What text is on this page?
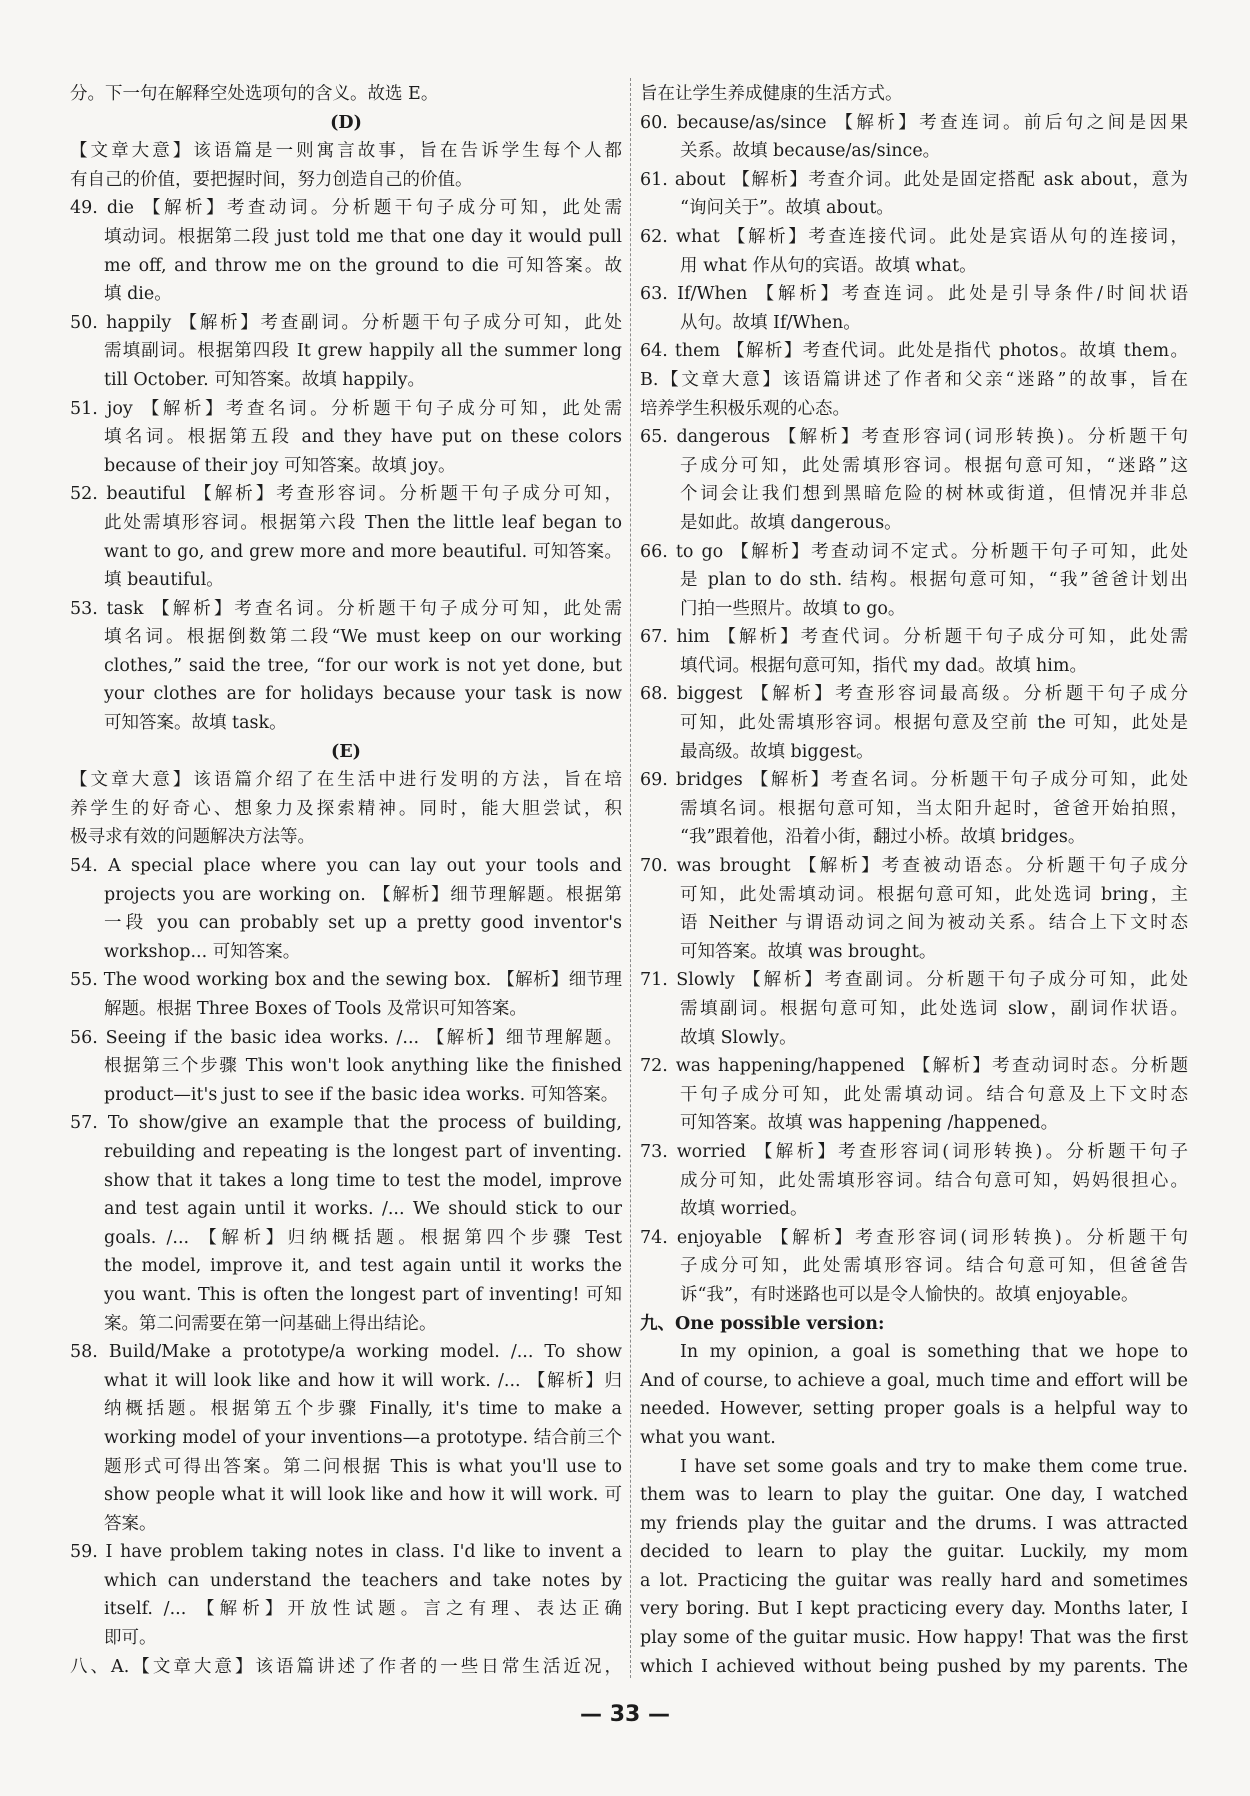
分。下一句在解释空处选项句的含义。故选 E。
(D)
【文章大意】该语篇是一则寓言故事，旨在告诉学生每个人都
有自己的价值，要把握时间，努力创造自己的价值。
49. die 【解析】考查动词。分析题干句子成分可知，此处需
填动词。根据第二段 just told me that one day it would pull
me off, and throw me on the ground to die 可知答案。故
填 die。
50. happily 【解析】考查副词。分析题干句子成分可知，此处
需填副词。根据第四段 It grew happily all the summer long
till October. 可知答案。故填 happily。
51. joy 【解析】考查名词。分析题干句子成分可知，此处需
填名词。根据第五段 and they have put on these colors
because of their joy 可知答案。故填 joy。
52. beautiful 【解析】考查形容词。分析题干句子成分可知，
此处需填形容词。根据第六段 Then the little leaf began to
want to go, and grew more and more beautiful. 可知答案。
填 beautiful。
53. task 【解析】考查名词。分析题干句子成分可知，此处需
填名词。根据倒数第二段“We must keep on our working
clothes,” said the tree, “for our work is not yet done, but
your clothes are for holidays because your task is now
可知答案。故填 task。
(E)
【文章大意】该语篇介绍了在生活中进行发明的方法，旨在培
养学生的好奇心、想象力及探索精神。同时，能大胆尝试，积
极寻求有效的问题解决方法等。
54. A special place where you can lay out your tools and
projects you are working on. 【解析】细节理解题。根据第
一段 you can probably set up a pretty good inventor's
workshop... 可知答案。
55. The wood working box and the sewing box. 【解析】细节理
解题。根据 Three Boxes of Tools 及常识可知答案。
56. Seeing if the basic idea works. /... 【解析】细节理解题。
根据第三个步骤 This won't look anything like the finished
product—it's just to see if the basic idea works. 可知答案。
57. To show/give an example that the process of building,
rebuilding and repeating is the longest part of inventing.
show that it takes a long time to test the model, improve
and test again until it works. /... We should stick to our
goals. /... 【解析】归纳概括题。根据第四个步骤 Test
the model, improve it, and test again until it works the
you want. This is often the longest part of inventing! 可知
案。第二问需要在第一问基础上得出结论。
58. Build/Make a prototype/a working model. /... To show
what it will look like and how it will work. /... 【解析】归
纳概括题。根据第五个步骤 Finally, it's time to make a
working model of your inventions—a prototype. 结合前三个
题形式可得出答案。第二问根据 This is what you'll use to
show people what it will look like and how it will work. 可
答案。
59. I have problem taking notes in class. I'd like to invent a
which can understand the teachers and take notes by
itself. /... 【解析】开放性试题。言之有理、表达正确
即可。
八、A.【文章大意】该语篇讲述了作者的一些日常生活近况，
旨在让学生养成健康的生活方式。
60. because/as/since 【解析】考查连词。前后句之间是因果
关系。故填 because/as/since。
61. about 【解析】考查介词。此处是固定搭配 ask about，意为
“询问关于”。故填 about。
62. what 【解析】考查连接代词。此处是宾语从句的连接词，
用 what 作从句的宾语。故填 what。
63. If/When 【解析】考查连词。此处是引导条件/时间状语
从句。故填 If/When。
64. them 【解析】考查代词。此处是指代 photos。故填 them。
B.【文章大意】该语篇讲述了作者和父亲“迷路”的故事，旨在
培养学生积极乐观的心态。
65. dangerous 【解析】考查形容词(词形转换)。分析题干句
子成分可知，此处需填形容词。根据句意可知，“迷路”这
个词会让我们想到黑暗危险的树林或街道，但情况并非总
是如此。故填 dangerous。
66. to go 【解析】考查动词不定式。分析题干句子可知，此处
是 plan to do sth. 结构。根据句意可知，“我”爸爸计划出
门拍一些照片。故填 to go。
67. him 【解析】考查代词。分析题干句子成分可知，此处需
填代词。根据句意可知，指代 my dad。故填 him。
68. biggest 【解析】考查形容词最高级。分析题干句子成分
可知，此处需填形容词。根据句意及空前 the 可知，此处是
最高级。故填 biggest。
69. bridges 【解析】考查名词。分析题干句子成分可知，此处
需填名词。根据句意可知，当太阳升起时，爸爸开始拍照，
“我”跟着他，沿着小街，翻过小桥。故填 bridges。
70. was brought 【解析】考查被动语态。分析题干句子成分
可知，此处需填动词。根据句意可知，此处选词 bring，主
语 Neither 与谓语动词之间为被动关系。结合上下文时态
可知答案。故填 was brought。
71. Slowly 【解析】考查副词。分析题干句子成分可知，此处
需填副词。根据句意可知，此处选词 slow，副词作状语。
故填 Slowly。
72. was happening/happened 【解析】考查动词时态。分析题
干句子成分可知，此处需填动词。结合句意及上下文时态
可知答案。故填 was happening /happened。
73. worried 【解析】考查形容词(词形转换)。分析题干句子
成分可知，此处需填形容词。结合句意可知，妈妈很担心。
故填 worried。
74. enjoyable 【解析】考查形容词(词形转换)。分析题干句
子成分可知，此处需填形容词。结合句意可知，但爸爸告
诉“我”，有时迷路也可以是令人愉快的。故填 enjoyable。
九、One possible version:
In my opinion, a goal is something that we hope to
And of course, to achieve a goal, much time and effort will be
needed. However, setting proper goals is a helpful way to
what you want.
I have set some goals and try to make them come true.
them was to learn to play the guitar. One day, I watched
my friends play the guitar and the drums. I was attracted
decided to learn to play the guitar. Luckily, my mom
a lot. Practicing the guitar was really hard and sometimes
very boring. But I kept practicing every day. Months later, I
play some of the guitar music. How happy! That was the first
which I achieved without being pushed by my parents. The
— 33 —
